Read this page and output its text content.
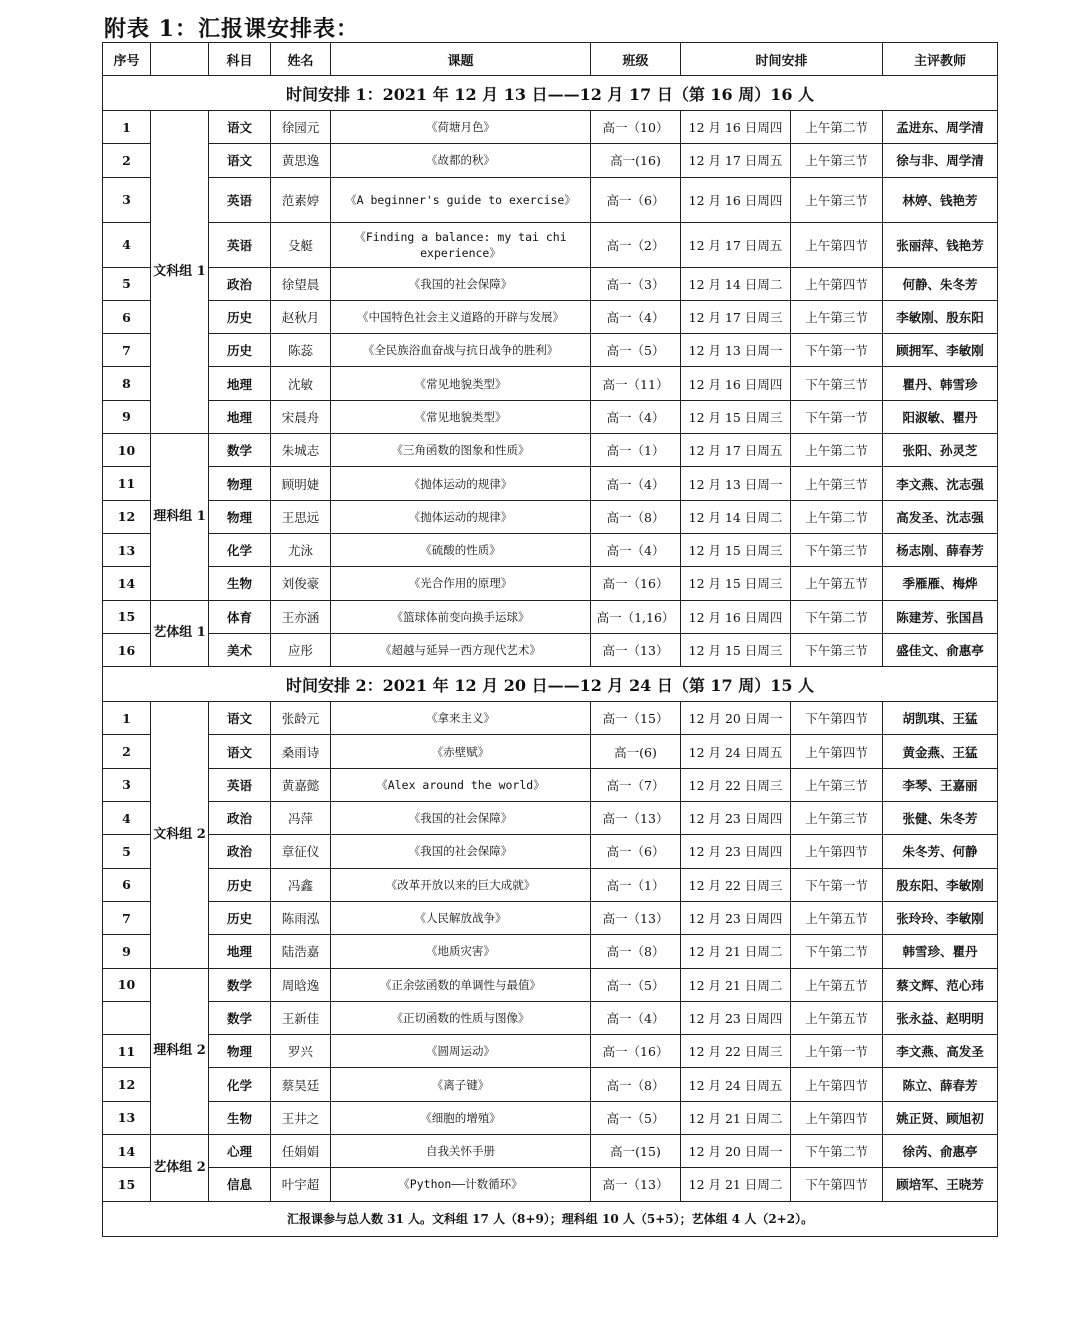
附表 1：汇报课安排表：
序号		科目	姓名	课题	班级	时间安排		主评教师
时间安排 1：2021 年 12 月 13 日——12 月 17 日（第 16 周）16 人								
1	文科组 1	语文	徐园元	《荷塘月色》	高一（10）	12 月 16 日周四	上午第二节	孟进东、周学清
2		语文	黄思逸	《故都的秋》	高一(16)	12 月 17 日周五	上午第三节	徐与非、周学清
3		英语	范素婷	《A beginner's guide to exercise》	高一（6）	12 月 16 日周四	上午第三节	林婷、钱艳芳
4		英语	殳艇	《Finding a balance: my tai chi experience》	高一（2）	12 月 17 日周五	上午第四节	张丽萍、钱艳芳
5		政治	徐望晨	《我国的社会保障》	高一（3）	12 月 14 日周二	上午第四节	何静、朱冬芳
6		历史	赵秋月	《中国特色社会主义道路的开辟与发展》	高一（4）	12 月 17 日周三	上午第三节	李敏刚、殷东阳
7		历史	陈蕊	《全民族浴血奋战与抗日战争的胜利》	高一（5）	12 月 13 日周一	下午第一节	顾拥军、李敏刚
8		地理	沈敏	《常见地貌类型》	高一（11）	12 月 16 日周四	下午第三节	瞿丹、韩雪珍
9		地理	宋晨舟	《常见地貌类型》	高一（4）	12 月 15 日周三	下午第一节	阳淑敏、瞿丹
10	理科组 1	数学	朱城志	《三角函数的图象和性质》	高一（1）	12 月 17 日周五	上午第二节	张阳、孙灵芝
11		物理	顾明婕	《抛体运动的规律》	高一（4）	12 月 13 日周一	上午第三节	李文燕、沈志强
12		物理	王思远	《抛体运动的规律》	高一（8）	12 月 14 日周二	上午第二节	高发圣、沈志强
13		化学	尤泳	《硫酸的性质》	高一（4）	12 月 15 日周三	下午第三节	杨志刚、薛春芳
14		生物	刘俊豪	《光合作用的原理》	高一（16）	12 月 15 日周三	上午第五节	季雁雁、梅烨
15	艺体组 1	体育	王亦涵	《篮球体前变向换手运球》	高一（1,16）	12 月 16 日周四	下午第二节	陈建芳、张国昌
16		美术	应彤	《超越与延异一西方现代艺术》	高一（13）	12 月 15 日周三	下午第三节	盛佳文、俞惠亭
时间安排 2：2021 年 12 月 20 日——12 月 24 日（第 17 周）15 人								
1	文科组 2	语文	张龄元	《拿来主义》	高一（15）	12 月 20 日周一	下午第四节	胡凯琪、王猛
2		语文	桑雨诗	《赤壁赋》	高一(6)	12 月 24 日周五	上午第四节	黄金燕、王猛
3		英语	黄嘉懿	《Alex around the world》	高一（7）	12 月 22 日周三	上午第三节	李琴、王嘉丽
4		政治	冯萍	《我国的社会保障》	高一（13）	12 月 23 日周四	上午第三节	张健、朱冬芳
5		政治	章征仪	《我国的社会保障》	高一（6）	12 月 23 日周四	上午第四节	朱冬芳、何静
6		历史	冯鑫	《改革开放以来的巨大成就》	高一（1）	12 月 22 日周三	下午第一节	殷东阳、李敏刚
7		历史	陈雨泓	《人民解放战争》	高一（13）	12 月 23 日周四	上午第五节	张玲玲、李敏刚
9		地理	陆浩嘉	《地质灾害》	高一（8）	12 月 21 日周二	下午第二节	韩雪珍、瞿丹
10	理科组 2	数学	周晗逸	《正余弦函数的单调性与最值》	高一（5）	12 月 21 日周二	上午第五节	蔡文辉、范心玮
		数学	王新佳	《正切函数的性质与图像》	高一（4）	12 月 23 日周四	上午第五节	张永益、赵明明
11		物理	罗兴	《圆周运动》	高一（16）	12 月 22 日周三	上午第一节	李文燕、高发圣
12		化学	蔡昊廷	《离子键》	高一（8）	12 月 24 日周五	上午第四节	陈立、薛春芳
13		生物	王井之	《细胞的增殖》	高一（5）	12 月 21 日周二	上午第四节	姚正贤、顾旭初
14	艺体组 2	心理	任娟娟	自我关怀手册	高一(15)	12 月 20 日周一	下午第二节	徐芮、俞惠亭
15		信息	叶宇超	《Python——计数循环》	高一（13）	12 月 21 日周二	下午第四节	顾培军、王晓芳
汇报课参与总人数 31 人。文科组 17 人（8+9）；理科组 10 人（5+5）；艺体组 4 人（2+2）。								
